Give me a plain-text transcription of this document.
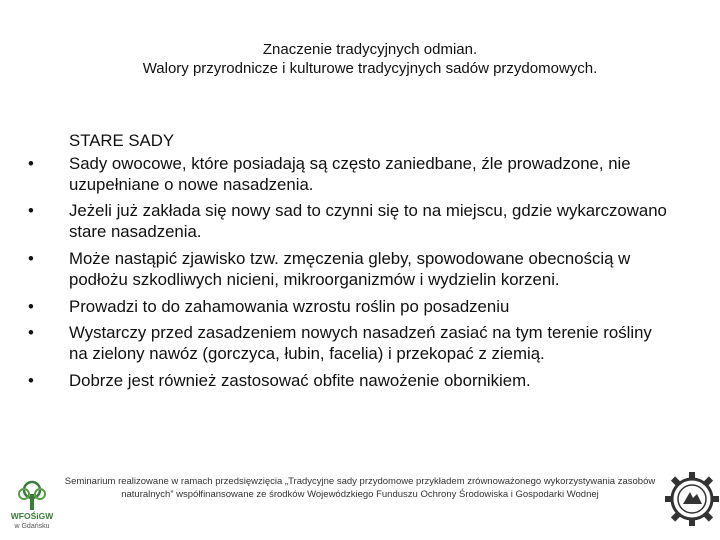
Znaczenie tradycyjnych odmian.
Walory przyrodnicze i kulturowe tradycyjnych sadów przydomowych.
STARE SADY
•	Sady owocowe, które posiadają są często zaniedbane, źle prowadzone, nie uzupełniane o nowe nasadzenia.
•	Jeżeli już zakłada się nowy sad to czynni się to na miejscu, gdzie wykarczowano stare nasadzenia.
•	Może nastąpić zjawisko tzw. zmęczenia gleby, spowodowane obecnością w podłożu szkodliwych nicieni, mikroorganizmów i wydzielin korzeni.
•	Prowadzi to do zahamowania wzrostu roślin po posadzeniu
•	Wystarczy przed zasadzeniem nowych nasadzeń zasiać na tym terenie rośliny na zielony nawóz (gorczyca, łubin, facelia) i przekopać z ziemią.
•	Dobrze jest również zastosować obfite nawożenie obornikiem.
WFOŚiGW
w Gdańsku
Seminarium realizowane w ramach przedsięwzięcia „Tradycyjne sady przydomowe przykładem zrównoważonego wykorzystywania zasobów naturalnych” współfinansowane ze środków Wojewódzkiego Funduszu Ochrony Środowiska i Gospodarki Wodnej
